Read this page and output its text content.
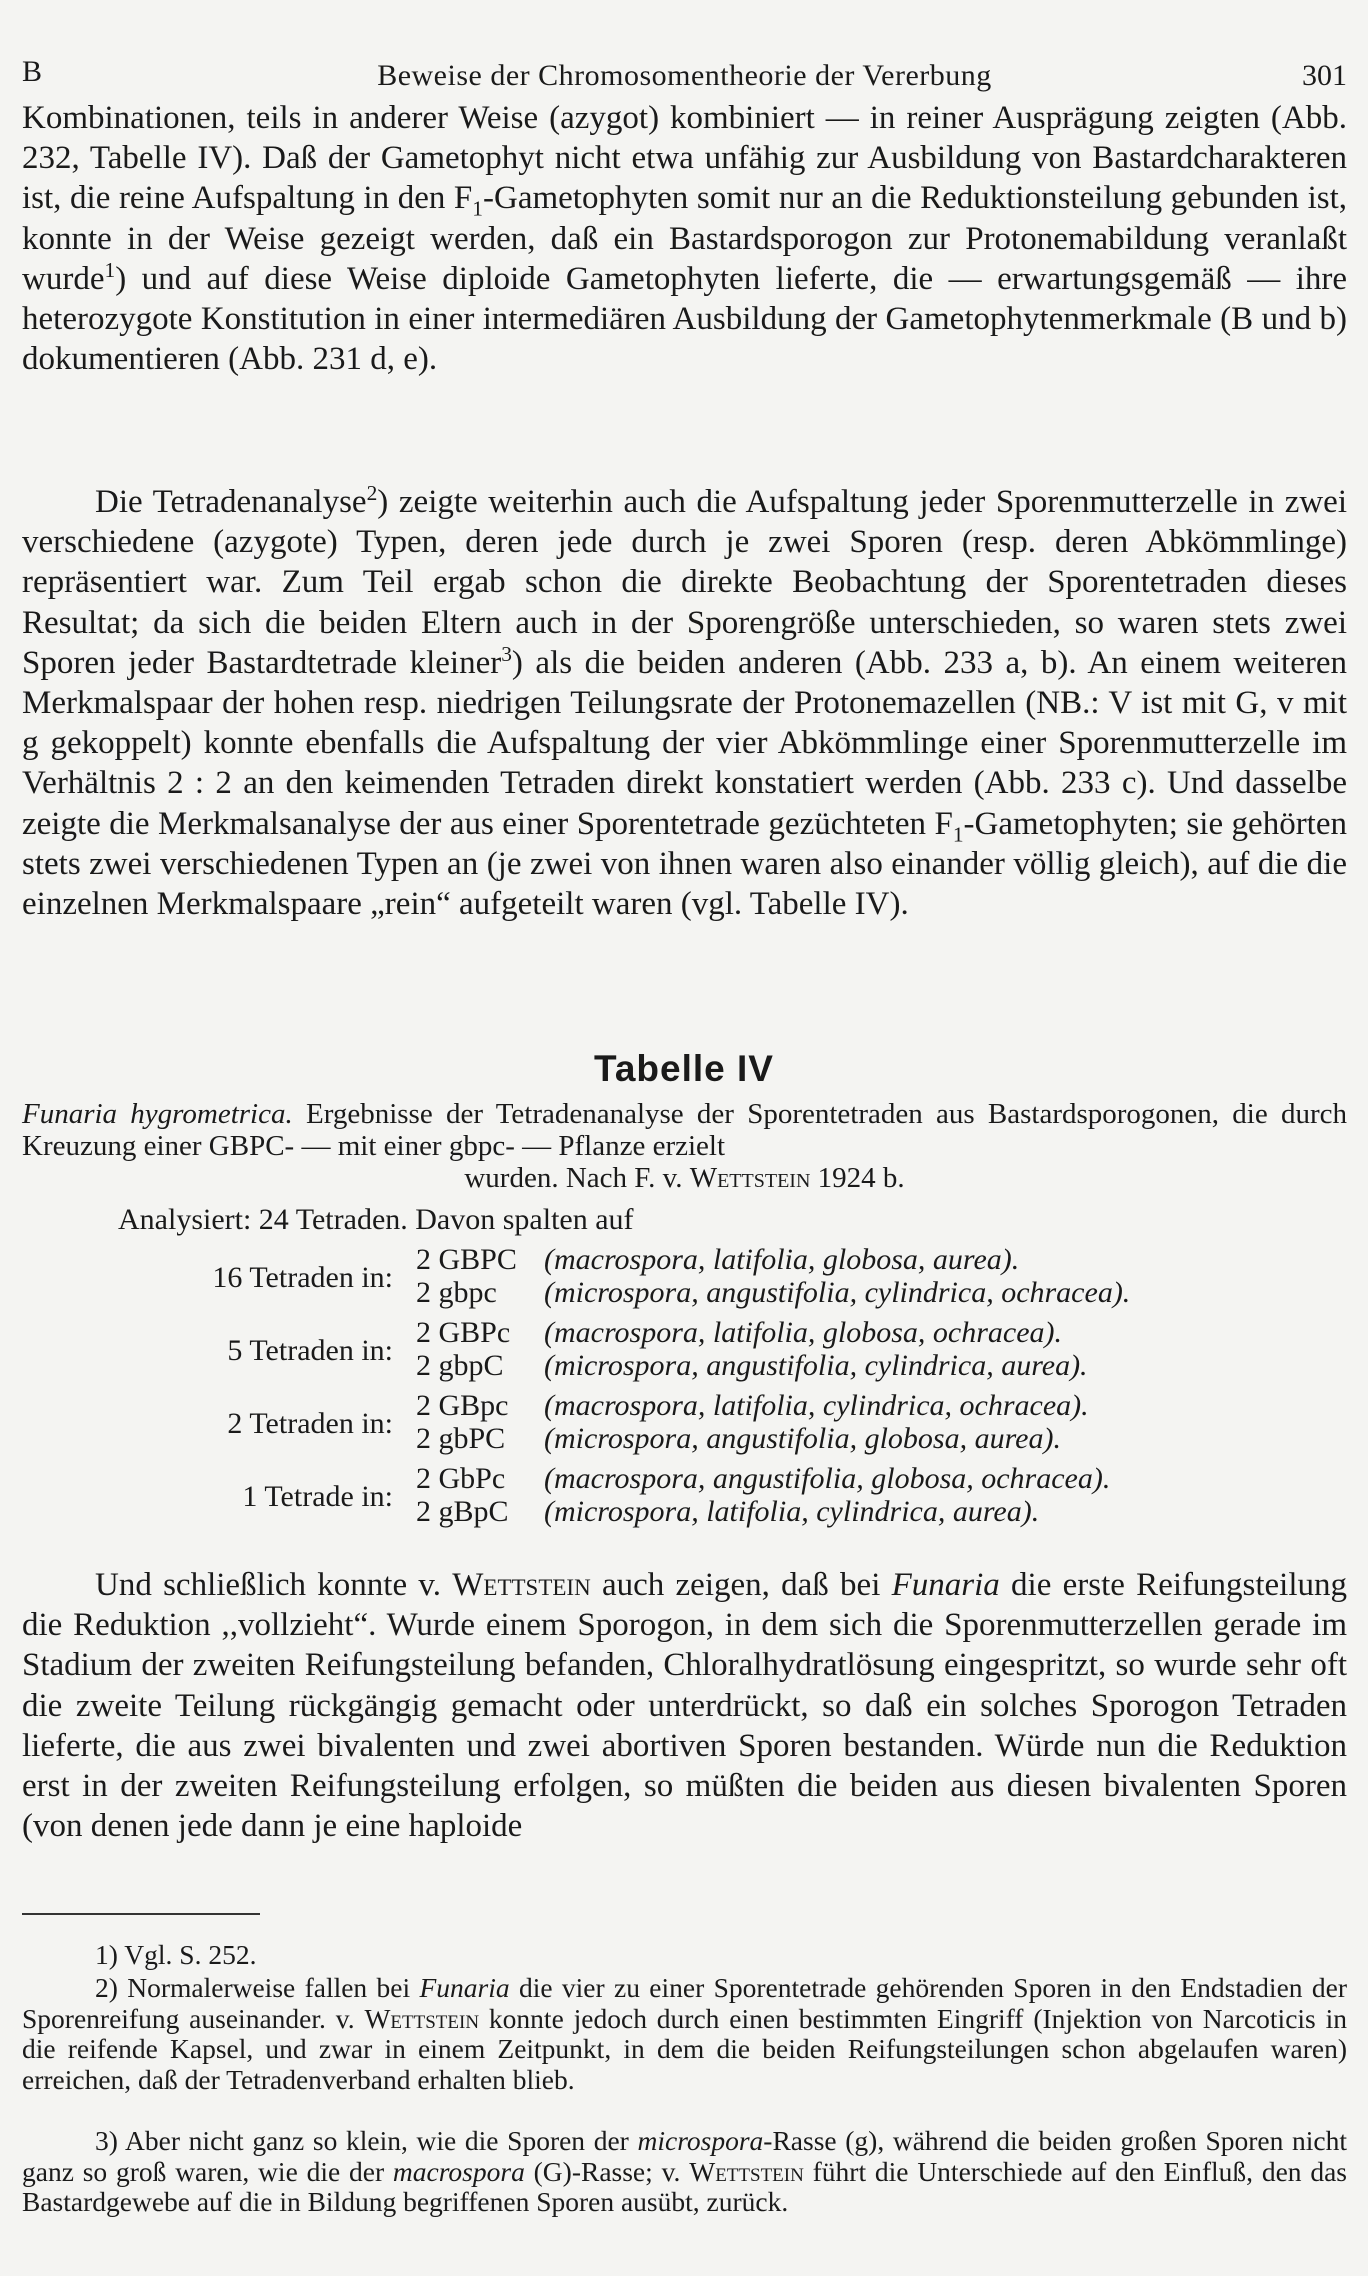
B	Beweise der Chromosomentheorie der Vererbung	301
Kombinationen, teils in anderer Weise (azygot) kombiniert — in reiner Ausprägung zeigten (Abb. 232, Tabelle IV). Daß der Gametophyt nicht etwa unfähig zur Ausbildung von Bastardcharakteren ist, die reine Aufspaltung in den $F_1$-Gametophyten somit nur an die Reduktionsteilung gebunden ist, konnte in der Weise gezeigt werden, daß ein Bastardsporogon zur Protonemabildung veranlaßt wurde$^1$) und auf diese Weise diploide Gametophyten lieferte, die — erwartungsgemäß — ihre heterozygote Konstitution in einer intermediären Ausbildung der Gametophytenmerkmale (B und b) dokumentieren (Abb. 231 d, e).
Die Tetradenanalyse$^2$) zeigte weiterhin auch die Aufspaltung jeder Sporenmutterzelle in zwei verschiedene (azygote) Typen, deren jede durch je zwei Sporen (resp. deren Abkömmlinge) repräsentiert war. Zum Teil ergab schon die direkte Beobachtung der Sporentetraden dieses Resultat; da sich die beiden Eltern auch in der Sporengröße unterschieden, so waren stets zwei Sporen jeder Bastardtetrade kleiner$^3$) als die beiden anderen (Abb. 233 a, b). An einem weiteren Merkmalspaar der hohen resp. niedrigen Teilungsrate der Protonemazellen (NB.: V ist mit G, v mit g gekoppelt) konnte ebenfalls die Aufspaltung der vier Abkömmlinge einer Sporenmutterzelle im Verhältnis 2 : 2 an den keimenden Tetraden direkt konstatiert werden (Abb. 233 c). Und dasselbe zeigte die Merkmalsanalyse der aus einer Sporentetrade gezüchteten $F_1$-Gametophyten; sie gehörten stets zwei verschiedenen Typen an (je zwei von ihnen waren also einander völlig gleich), auf die die einzelnen Merkmalspaare „rein“ aufgeteilt waren (vgl. Tabelle IV).
Tabelle IV
Funaria hygrometrica. Ergebnisse der Tetradenanalyse der Sporentetraden aus Bastardsporogonen, die durch Kreuzung einer GBPC- — mit einer gbpc- — Pflanze erzielt
wurden. Nach F. v. Wettstein 1924 b.
Analysiert: 24 Tetraden. Davon spalten auf
16 Tetraden in:
2 GBPC (macrospora, latifolia, globosa, aurea).
2 gbpc (microspora, angustifolia, cylindrica, ochracea).
5 Tetraden in:
2 GBPc (macrospora, latifolia, globosa, ochracea).
2 gbpC (microspora, angustifolia, cylindrica, aurea).
2 Tetraden in:
2 GBpc (macrospora, latifolia, cylindrica, ochracea).
2 gbPC (microspora, angustifolia, globosa, aurea).
1 Tetrade in:
2 GbPc (macrospora, angustifolia, globosa, ochracea).
2 gBpC (microspora, latifolia, cylindrica, aurea).
Und schließlich konnte v. Wettstein auch zeigen, daß bei Funaria die erste Reifungsteilung die Reduktion ,,vollzieht“. Wurde einem Sporogon, in dem sich die Sporenmutterzellen gerade im Stadium der zweiten Reifungsteilung befanden, Chloralhydratlösung eingespritzt, so wurde sehr oft die zweite Teilung rückgängig gemacht oder unterdrückt, so daß ein solches Sporogon Tetraden lieferte, die aus zwei bivalenten und zwei abortiven Sporen bestanden. Würde nun die Reduktion erst in der zweiten Reifungsteilung erfolgen, so müßten die beiden aus diesen bivalenten Sporen (von denen jede dann je eine haploide
1) Vgl. S. 252.
2) Normalerweise fallen bei Funaria die vier zu einer Sporentetrade gehörenden Sporen in den Endstadien der Sporenreifung auseinander. v. Wettstein konnte jedoch durch einen bestimmten Eingriff (Injektion von Narcoticis in die reifende Kapsel, und zwar in einem Zeitpunkt, in dem die beiden Reifungsteilungen schon abgelaufen waren) erreichen, daß der Tetradenverband erhalten blieb.
3) Aber nicht ganz so klein, wie die Sporen der microspora-Rasse (g), während die beiden großen Sporen nicht ganz so groß waren, wie die der macrospora (G)-Rasse; v. Wettstein führt die Unterschiede auf den Einfluß, den das Bastardgewebe auf die in Bildung begriffenen Sporen ausübt, zurück.
